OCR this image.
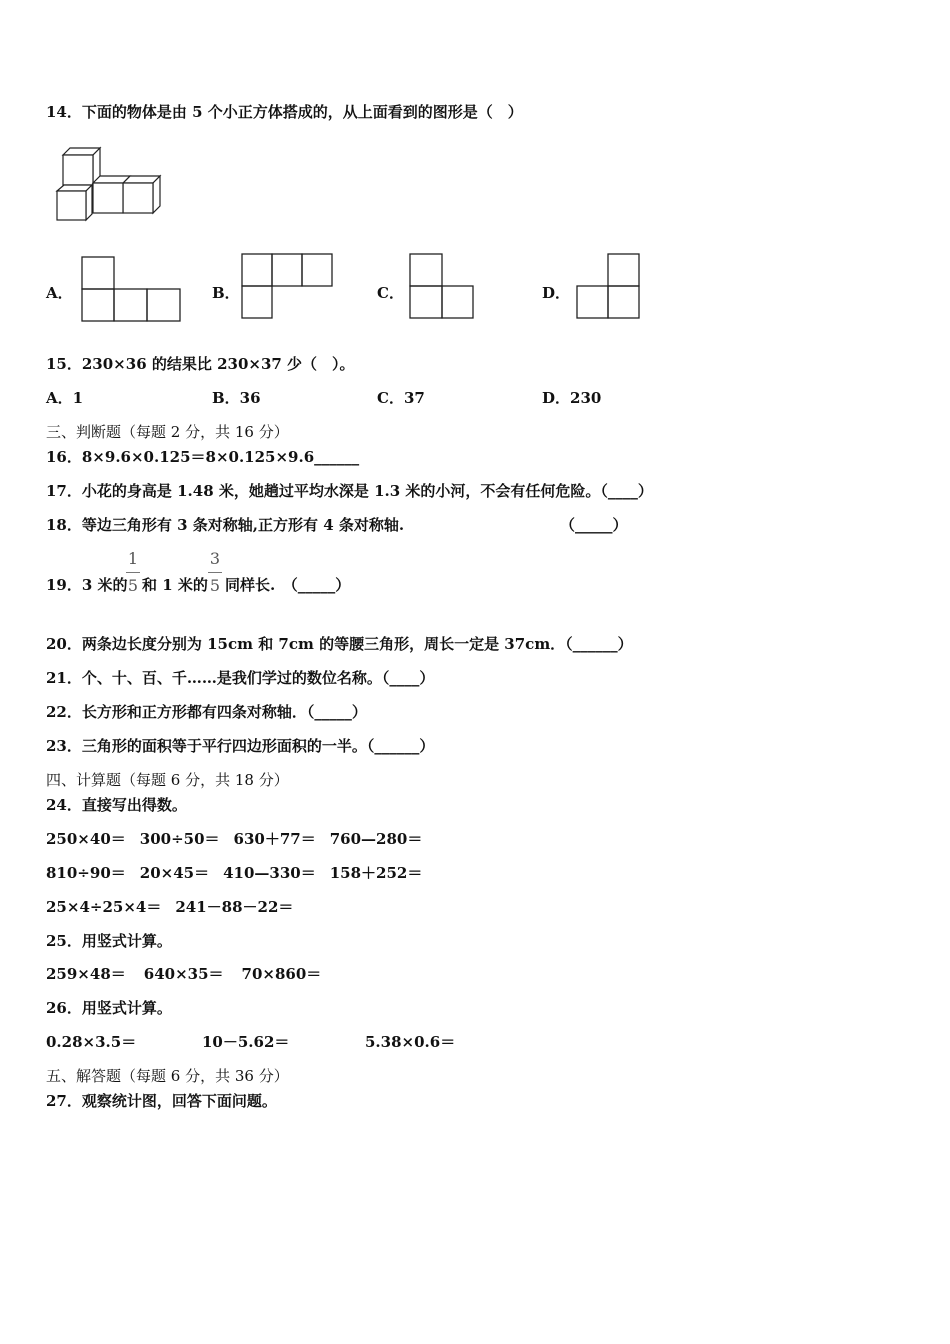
14．下面的物体是由 5 个小正方体搭成的，从上面看到的图形是（　）
A．	B．	C．	D．
15．230×36 的结果比 230×37 少（　）。
A．1	B．36	C．37	D．230
三、判断题（每题 2 分，共 16 分）
16．8×9.6×0.125＝8×0.125×9.6______
17．小花的身高是 1.48 米，她趟过平均水深是 1.3 米的小河，不会有任何危险。（____）
18．等边三角形有 3 条对称轴,正方形有 4 条对称轴.	（_____）
19．3 米的
1
5 和 1 米的
3
5 同样长.　（_____）
20．两条边长度分别为 15cm 和 7cm 的等腰三角形，周长一定是 37cm．（______）
21．个、十、百、千……是我们学过的数位名称。（____）
22．长方形和正方形都有四条对称轴．（_____）
23．三角形的面积等于平行四边形面积的一半。（______）
四、计算题（每题 6 分，共 18 分）
24．直接写出得数。
250×40＝ 300÷50＝ 630＋77＝ 760—280＝
810÷90＝ 20×45＝ 410—330＝ 158＋252＝
25×4÷25×4＝ 241－88－22＝
25．用竖式计算。
259×48＝ 640×35＝ 70×860＝
26．用竖式计算。
0.28×3.5＝	10－5.62＝	5.38×0.6＝
五、解答题（每题 6 分，共 36 分）
27．观察统计图，回答下面问题。
